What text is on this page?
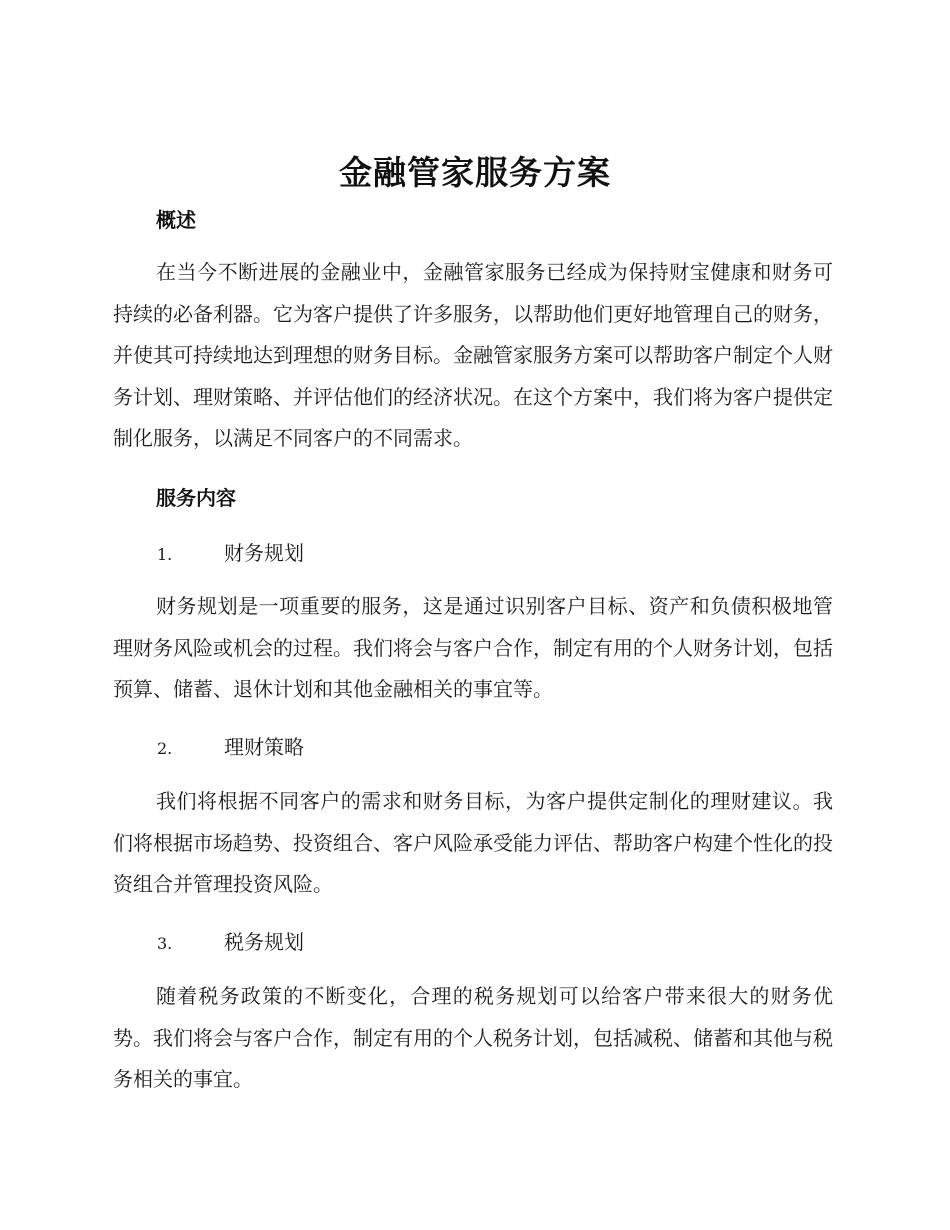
金融管家服务方案
概述

在当今不断进展的金融业中，金融管家服务已经成为保持财宝健康和财务可持续的必备利器。它为客户提供了许多服务，以帮助他们更好地管理自己的财务，并使其可持续地达到理想的财务目标。金融管家服务方案可以帮助客户制定个人财务计划、理财策略、并评估他们的经济状况。在这个方案中，我们将为客户提供定制化服务，以满足不同客户的不同需求。

服务内容
1.	财务规划

财务规划是一项重要的服务，这是通过识别客户目标、资产和负债积极地管理财务风险或机会的过程。我们将会与客户合作，制定有用的个人财务计划，包括预算、储蓄、退休计划和其他金融相关的事宜等。

2.	理财策略

我们将根据不同客户的需求和财务目标，为客户提供定制化的理财建议。我们将根据市场趋势、投资组合、客户风险承受能力评估、帮助客户构建个性化的投资组合并管理投资风险。

3.	税务规划

随着税务政策的不断变化，合理的税务规划可以给客户带来很大的财务优势。我们将会与客户合作，制定有用的个人税务计划，包括减税、储蓄和其他与税务相关的事宜。
